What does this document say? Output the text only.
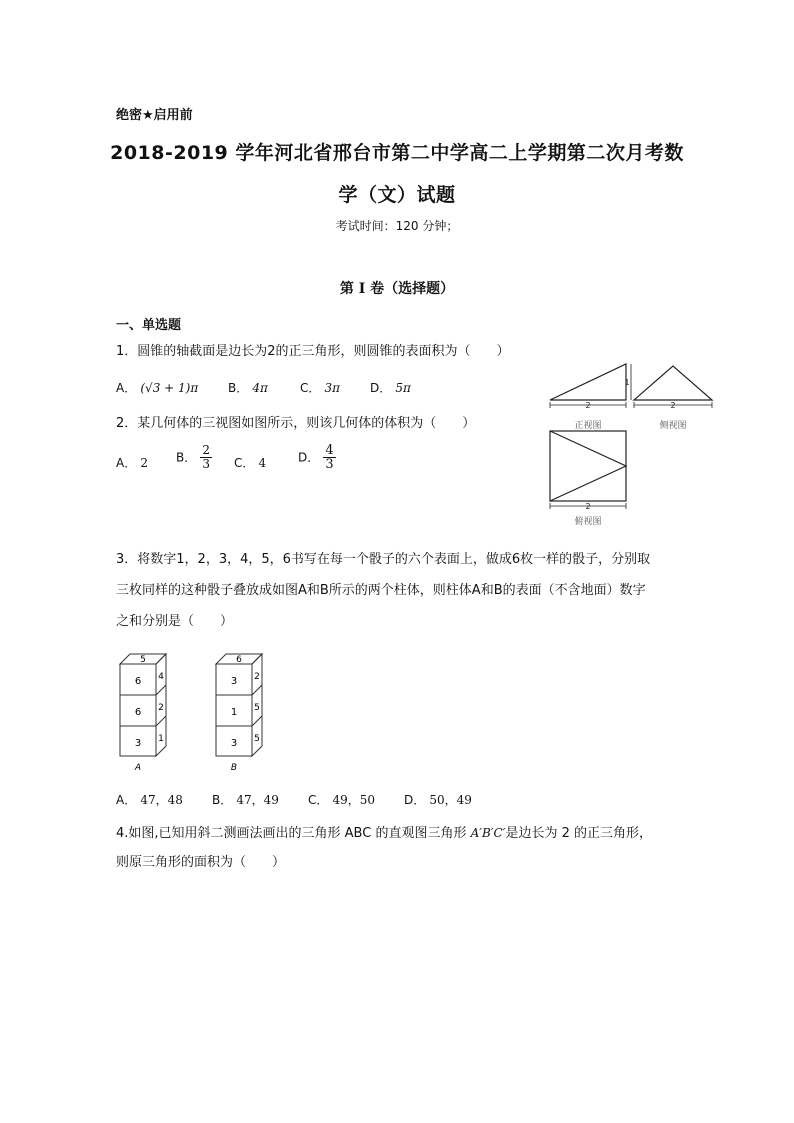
绝密★启用前
2018-2019 学年河北省邢台市第二中学高二上学期第二次月考数
学（文）试题
考试时间：120 分钟；
第 I 卷（选择题）
一、单选题
1．圆锥的轴截面是边长为2的正三角形，则圆锥的表面积为（　　）
A． (√3 + 1)π	B． 4π	C． 3π	D． 5π
2．某几何体的三视图如图所示，则该几何体的体积为（　　）
A． 2 B． $\frac{2}{3}$ C． 4	D． $\frac{4}{3}$
2
1
正视图
2
侧视图
2
俯视图
3．将数字1，2，3，4，5，6书写在每一个骰子的六个表面上，做成6枚一样的骰子，分别取
三枚同样的这种骰子叠放成如图A和B所示的两个柱体，则柱体A和B的表面（不含地面）数字
之和分别是（　　）
5
6
6
3
4
2
1
A
6
3
1
3
2
5
5
B
A． 47，48 B． 47，49 C． 49，50 D． 50，49
4.如图,已知用斜二测画法画出的三角形 ABC 的直观图三角形 A′B′C′是边长为 2 的正三角形，
则原三角形的面积为（　　）
